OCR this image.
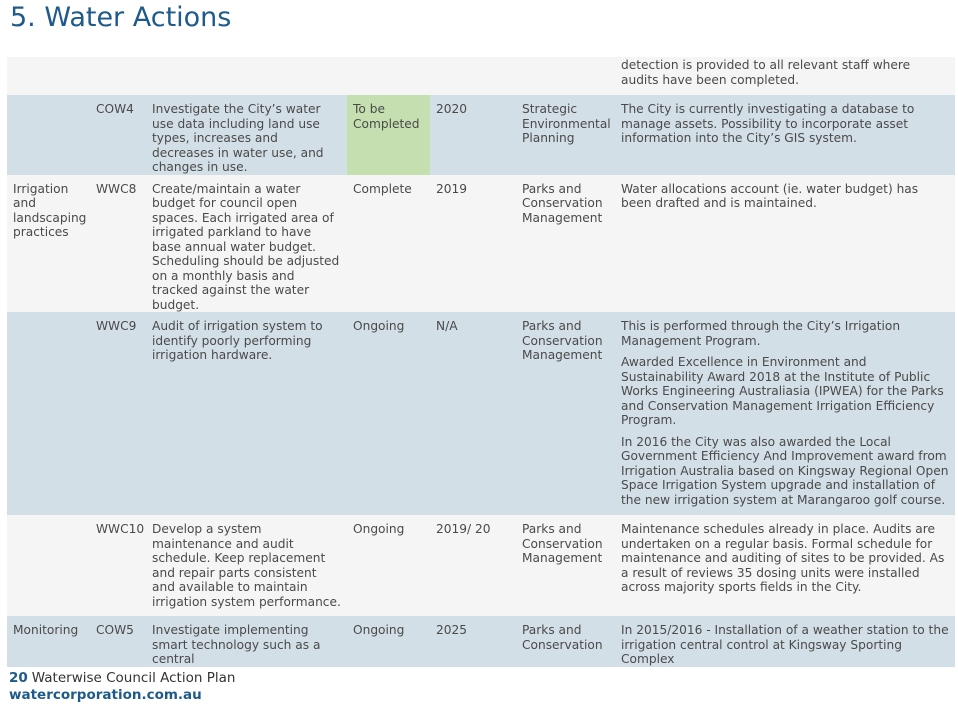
5. Water Actions

						detection is provided to all relevant staff where audits have been completed.

	COW4	Investigate the City’s water use data including land use types, increases and decreases in water use, and changes in use.	To be Completed	2020	Strategic Environmental Planning	The City is currently investigating a database to manage assets. Possibility to incorporate asset information into the City’s GIS system.

Irrigation and landscaping practices	WWC8	Create/maintain a water budget for council open spaces. Each irrigated area of irrigated parkland to have base annual water budget. Scheduling should be adjusted on a monthly basis and tracked against the water budget.	Complete	2019	Parks and Conservation Management	Water allocations account (ie. water budget) has been drafted and is maintained.

	WWC9	Audit of irrigation system to identify poorly performing irrigation hardware.	Ongoing	N/A	Parks and Conservation Management	This is performed through the City’s Irrigation Management Program.

Awarded Excellence in Environment and Sustainability Award 2018 at the Institute of Public Works Engineering Australiasia (IPWEA) for the Parks and Conservation Management Irrigation Efficiency Program.

In 2016 the City was also awarded the Local Government Efficiency And Improvement award from Irrigation Australia based on Kingsway Regional Open Space Irrigation System upgrade and installation of the new irrigation system at Marangaroo golf course.

	WWC10	Develop a system maintenance and audit schedule. Keep replacement and repair parts consistent and available to maintain irrigation system performance.	Ongoing	2019/ 20	Parks and Conservation Management	Maintenance schedules already in place. Audits are undertaken on a regular basis. Formal schedule for maintenance and auditing of sites to be provided. As a result of reviews 35 dosing units were installed across majority sports fields in the City.

Monitoring	COW5	Investigate implementing smart technology such as a central	Ongoing	2025	Parks and Conservation	In 2015/2016 - Installation of a weather station to the irrigation central control at Kingsway Sporting Complex

20 Waterwise Council Action Plan
watercorporation.com.au
